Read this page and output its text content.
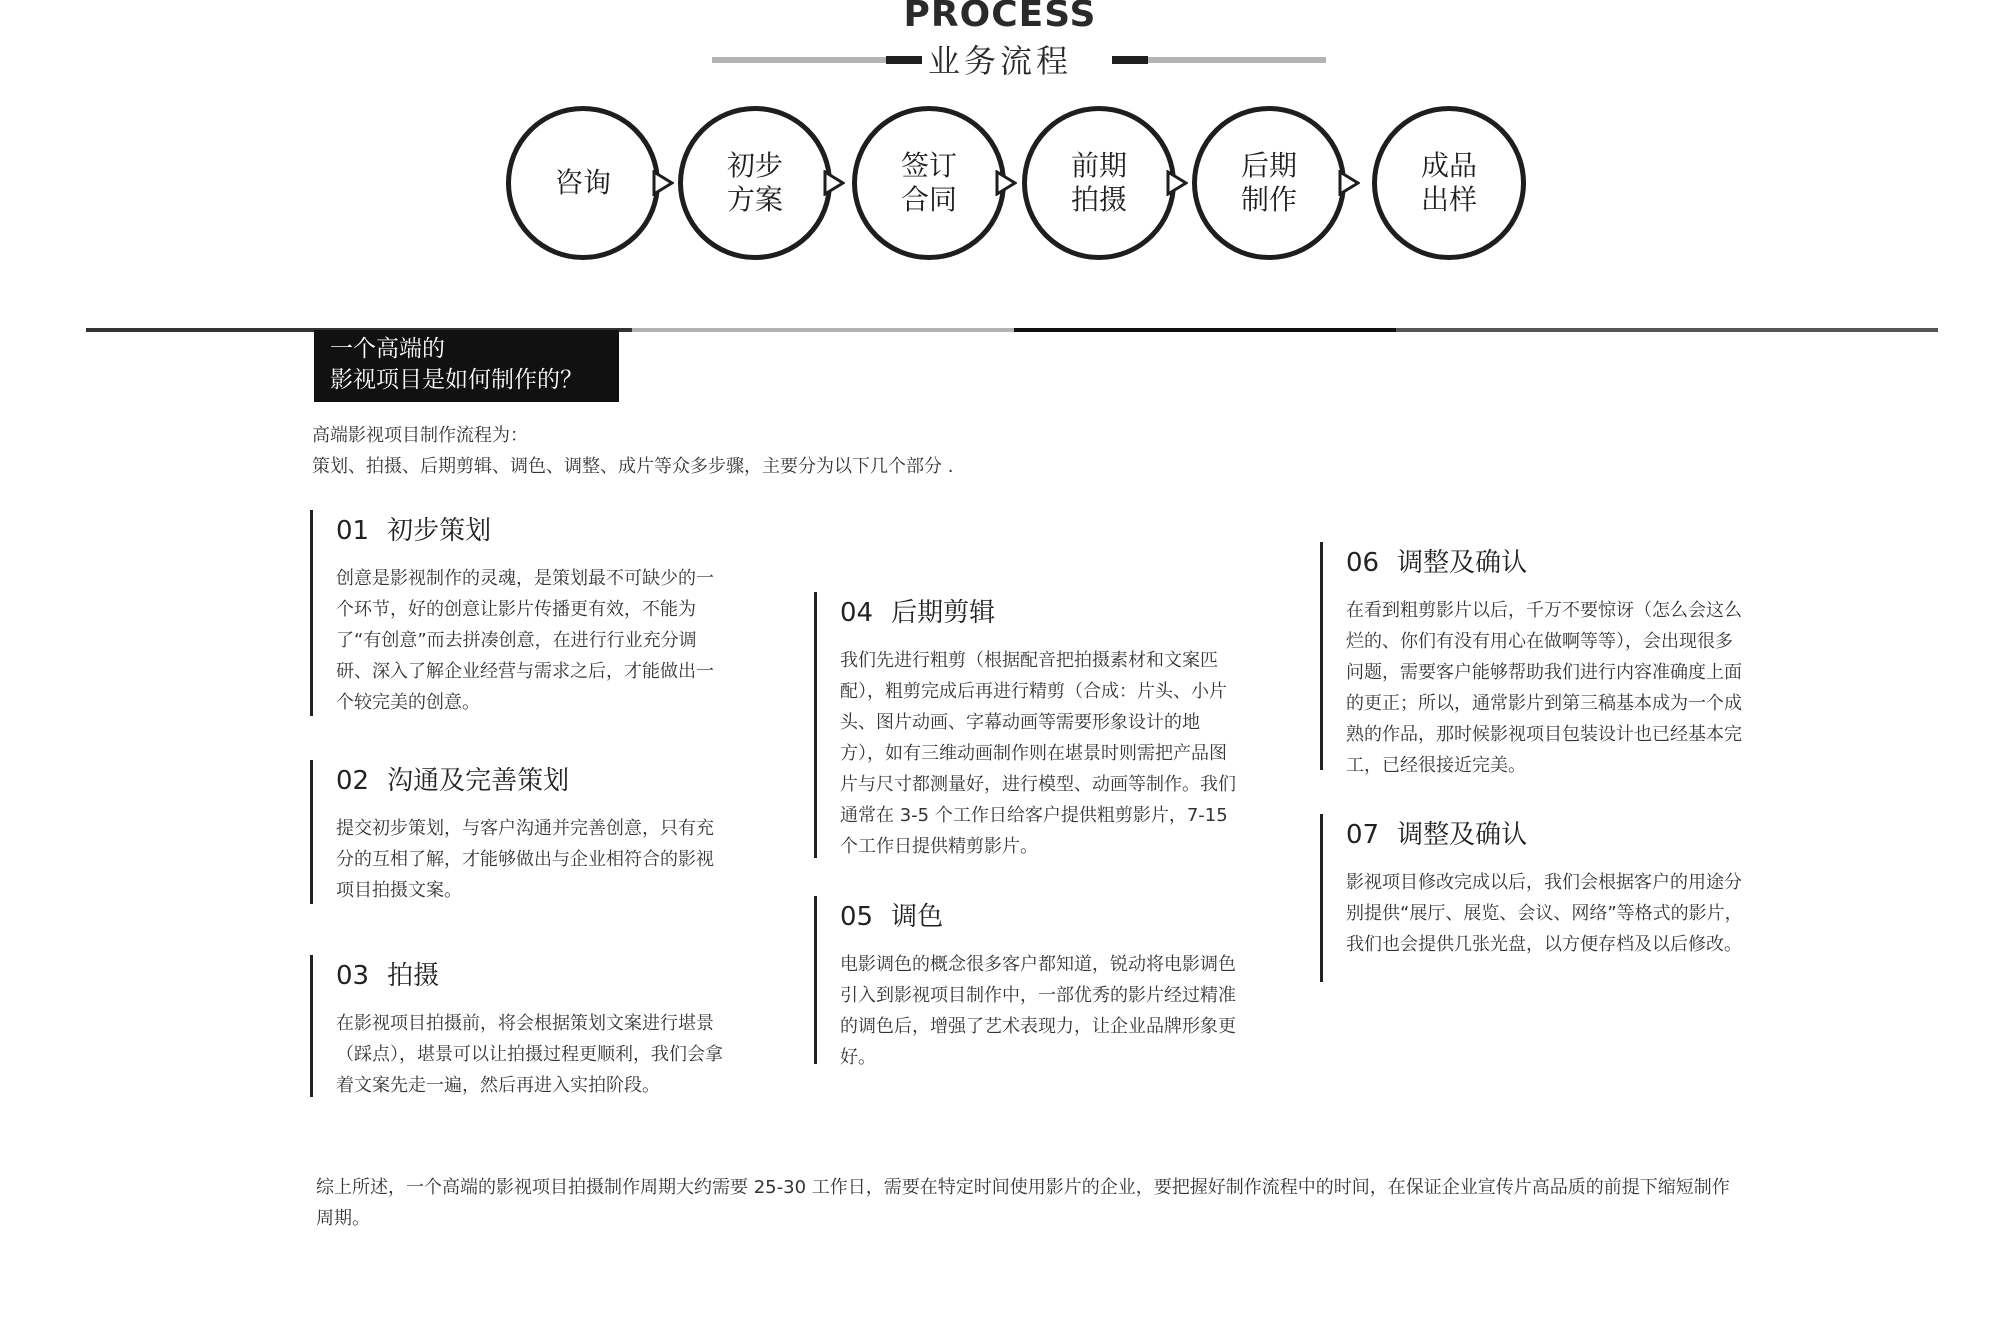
PROCESS
业务流程
咨询
初步
方案
签订
合同
前期
拍摄
后期
制作
成品
出样
一个高端的
影视项目是如何制作的？
高端影视项目制作流程为：
策划、拍摄、后期剪辑、调色、调整、成片等众多步骤，主要分为以下几个部分 .
01 初步策划

创意是影视制作的灵魂，是策划最不可缺少的一个环节，好的创意让影片传播更有效，不能为了“有创意”而去拼凑创意，在进行行业充分调研、深入了解企业经营与需求之后，才能做出一个较完美的创意。

02 沟通及完善策划

提交初步策划，与客户沟通并完善创意，只有充分的互相了解，才能够做出与企业相符合的影视项目拍摄文案。

03 拍摄

在影视项目拍摄前，将会根据策划文案进行堪景（踩点），堪景可以让拍摄过程更顺利，我们会拿着文案先走一遍，然后再进入实拍阶段。

04 后期剪辑

我们先进行粗剪（根据配音把拍摄素材和文案匹配），粗剪完成后再进行精剪（合成：片头、小片头、图片动画、字幕动画等需要形象设计的地方），如有三维动画制作则在堪景时则需把产品图片与尺寸都测量好，进行模型、动画等制作。我们通常在 3-5 个工作日给客户提供粗剪影片，7-15 个工作日提供精剪影片。

05 调色

电影调色的概念很多客户都知道，锐动将电影调色引入到影视项目制作中，一部优秀的影片经过精准的调色后，增强了艺术表现力，让企业品牌形象更好。

06 调整及确认

在看到粗剪影片以后，千万不要惊讶（怎么会这么烂的、你们有没有用心在做啊等等），会出现很多问题，需要客户能够帮助我们进行内容准确度上面的更正；所以，通常影片到第三稿基本成为一个成熟的作品，那时候影视项目包装设计也已经基本完工，已经很接近完美。

07 调整及确认

影视项目修改完成以后，我们会根据客户的用途分别提供“展厅、展览、会议、网络”等格式的影片，我们也会提供几张光盘，以方便存档及以后修改。

综上所述，一个高端的影视项目拍摄制作周期大约需要 25-30 工作日，需要在特定时间使用影片的企业，要把握好制作流程中的时间，在保证企业宣传片高品质的前提下缩短制作周期。
